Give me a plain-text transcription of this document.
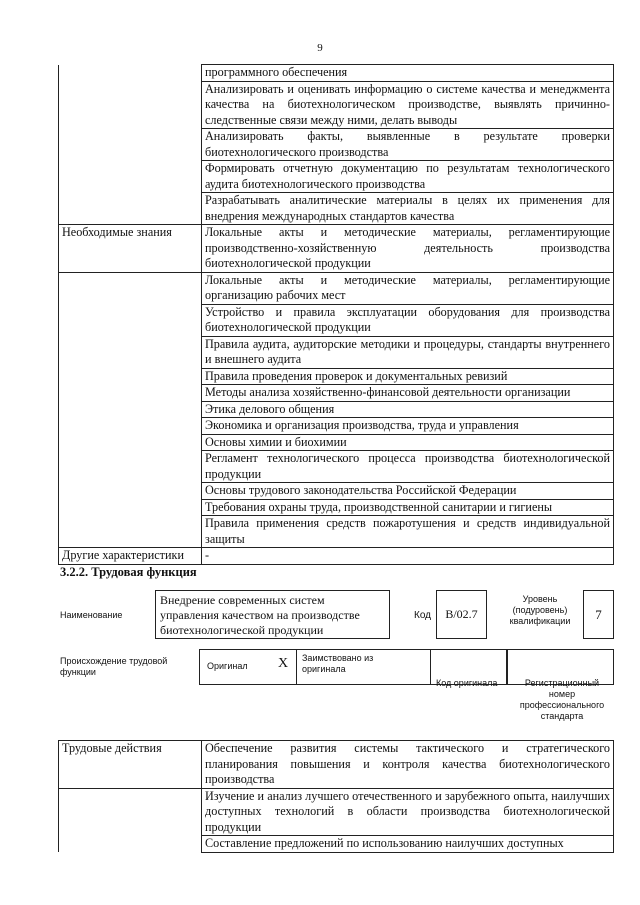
9
	программного обеспечения
	Анализировать и оценивать информацию о системе качества и менеджмента качества на биотехнологическом производстве, выявлять причинно-следственные связи между ними, делать выводы
	Анализировать факты, выявленные в результате проверки биотехнологического производства
	Формировать отчетную документацию по результатам технологического аудита биотехнологического производства
	Разрабатывать аналитические материалы в целях их применения для внедрения международных стандартов качества
Необходимые знания	Локальные акты и методические материалы, регламентирующие производственно-хозяйственную деятельность производства биотехнологической продукции
	Локальные акты и методические материалы, регламентирующие организацию рабочих мест
	Устройство и правила эксплуатации оборудования для производства биотехнологической продукции
	Правила аудита, аудиторские методики и процедуры, стандарты внутреннего и внешнего аудита
	Правила проведения проверок и документальных ревизий
	Методы анализа хозяйственно-финансовой деятельности организации
	Этика делового общения
	Экономика и организация производства, труда и управления
	Основы химии и биохимии
	Регламент технологического процесса производства биотехнологической продукции
	Основы трудового законодательства Российской Федерации
	Требования охраны труда, производственной санитарии и гигиены
	Правила применения средств пожаротушения и средств индивидуальной защиты
Другие характеристики	-
3.2.2. Трудовая функция
Наименование
Внедрение современных систем управления качеством на производстве биотехнологической продукции
Код	B/02.7
Уровень (подуровень) квалификации	7
Происхождение трудовой функции
Оригинал X Заимствовано из оригинала
Код оригинала	Регистрационный номер профессионального стандарта
Трудовые действия	Обеспечение развития системы тактического и стратегического планирования повышения и контроля качества биотехнологического производства
	Изучение и анализ лучшего отечественного и зарубежного опыта, наилучших доступных технологий в области производства биотехнологической продукции
	Составление предложений по использованию наилучших доступных
